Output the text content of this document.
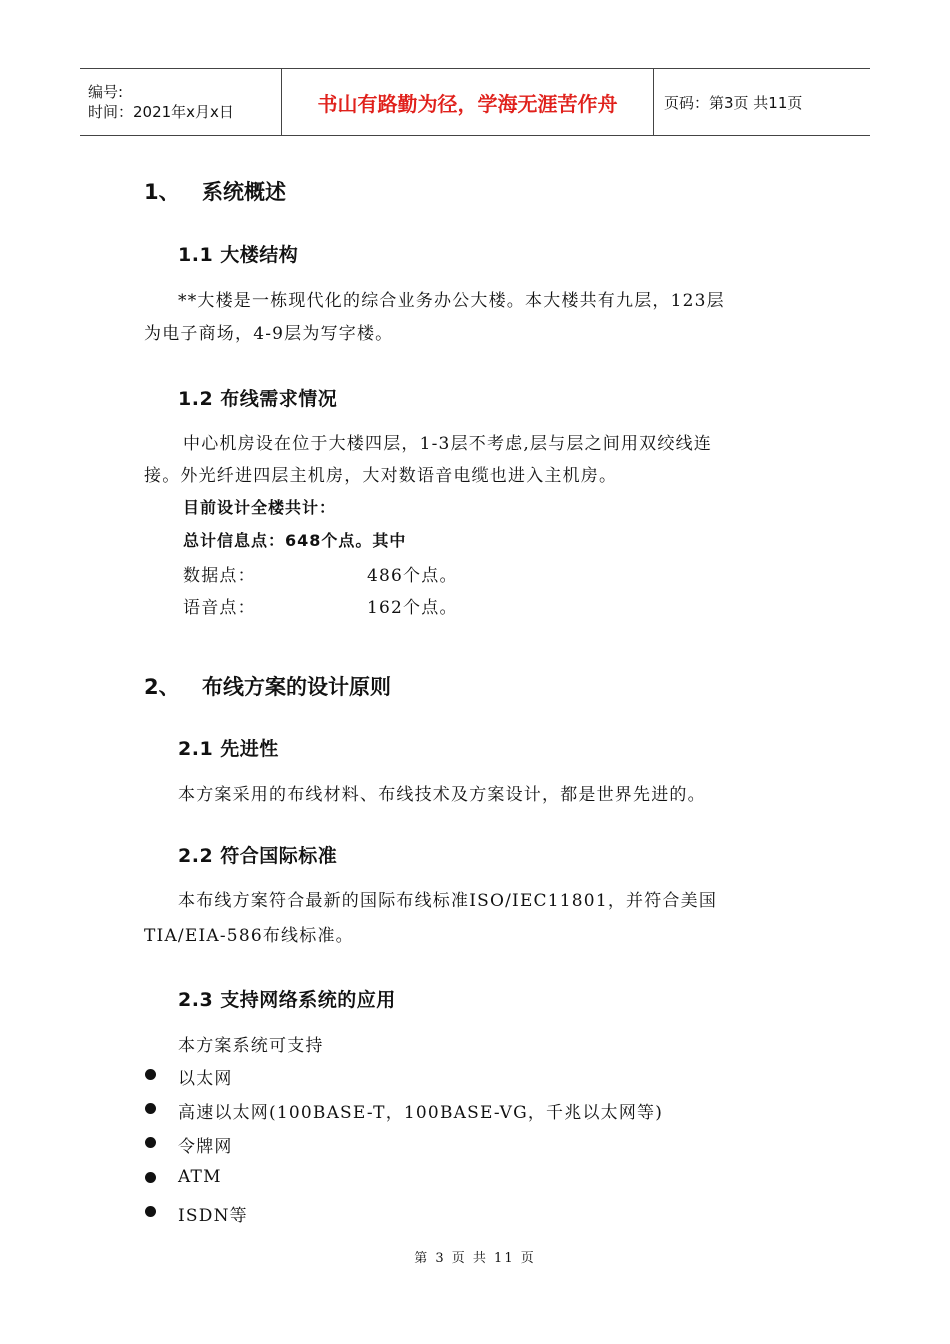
编号:
时间：2021年x月x日	书山有路勤为径，学海无涯苦作舟	页码：第3页 共11页
1、 系统概述
1.1 大楼结构
**大楼是一栋现代化的综合业务办公大楼。本大楼共有九层，123层
为电子商场，4-9层为写字楼。
1.2 布线需求情况
中心机房设在位于大楼四层，1-3层不考虑,层与层之间用双绞线连
接。外光纤进四层主机房，大对数语音电缆也进入主机房。
目前设计全楼共计：
总计信息点：648个点。其中
数据点：	486个点。
语音点：	162个点。
2、 布线方案的设计原则
2.1 先进性
本方案采用的布线材料、布线技术及方案设计，都是世界先进的。
2.2 符合国际标准
本布线方案符合最新的国际布线标准ISO/IEC11801，并符合美国
TIA/EIA-586布线标准。
2.3 支持网络系统的应用
本方案系统可支持
以太网
高速以太网(100BASE-T，100BASE-VG，千兆以太网等)
令牌网
ATM
ISDN等
第 3 页 共 11 页
